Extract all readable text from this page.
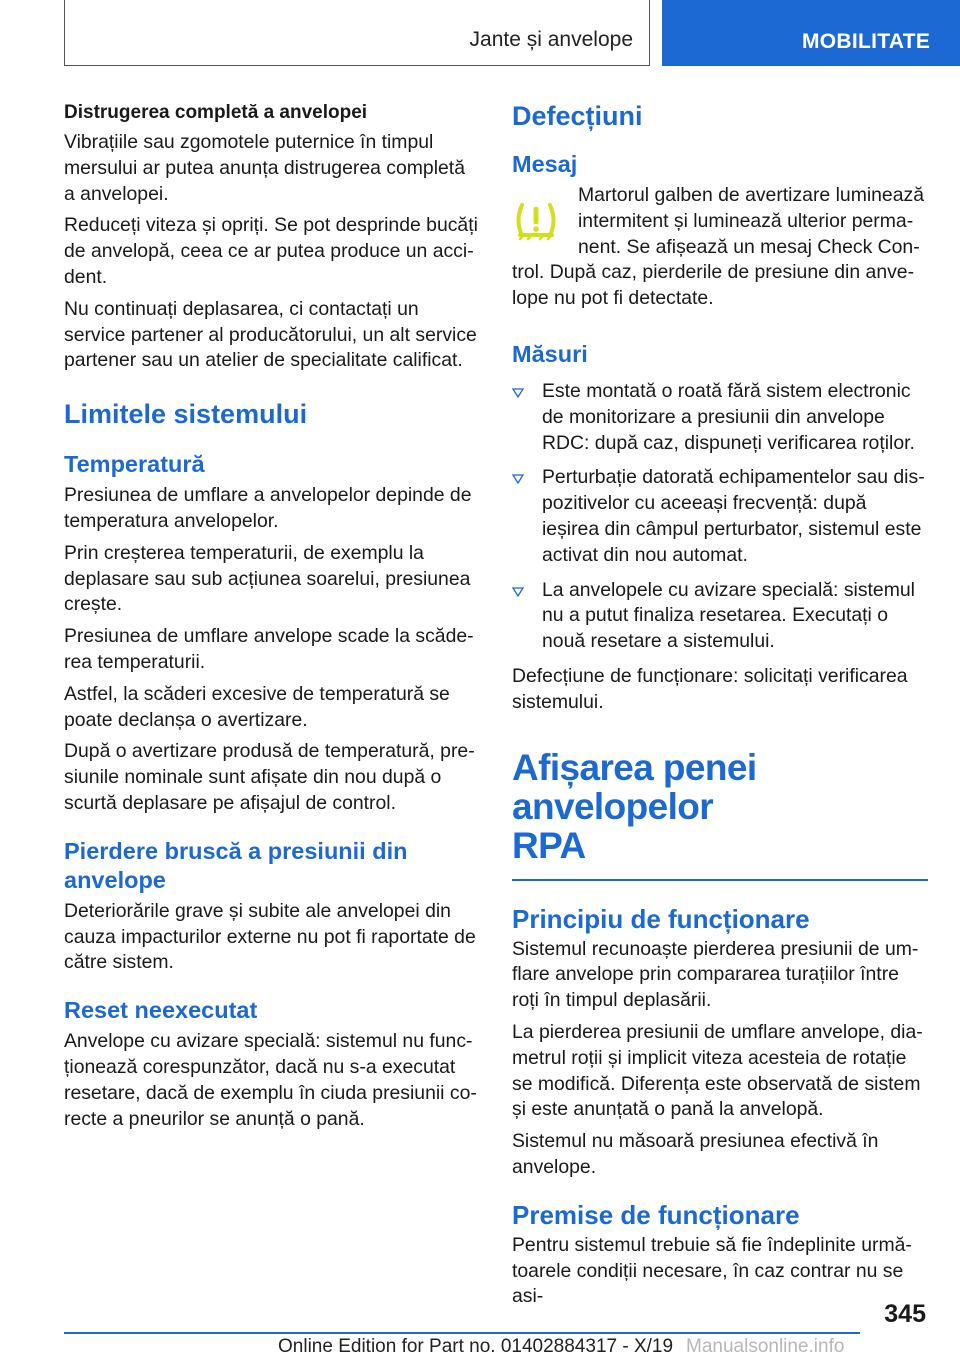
Jante și anvelope	MOBILITATE
Distrugerea completă a anvelopei

Vibrațiile sau zgomotele puternice în timpul mersului ar putea anunța distrugerea completă a anvelopei.

Reduceți viteza și opriți. Se pot desprinde bucăți de anvelopă, ceea ce ar putea produce un accident.

Nu continuați deplasarea, ci contactați un service partener al producătorului, un alt service partener sau un atelier de specialitate calificat.

Limitele sistemului
Temperatură

Presiunea de umflare a anvelopelor depinde de temperatura anvelopelor.

Prin creșterea temperaturii, de exemplu la deplasare sau sub acțiunea soarelui, presiunea crește.

Presiunea de umflare anvelope scade la scăderea temperaturii.

Astfel, la scăderi excesive de temperatură se poate declanșa o avertizare.

După o avertizare produsă de temperatură, presiunile nominale sunt afișate din nou după o scurtă deplasare pe afișajul de control.

Pierdere bruscă a presiunii din anvelope

Deteriorările grave și subite ale anvelopei din cauza impacturilor externe nu pot fi raportate de către sistem.

Reset neexecutat

Anvelope cu avizare specială: sistemul nu funcționează corespunzător, dacă nu s-a executat resetare, dacă de exemplu în ciuda presiunii corecte a pneurilor se anunță o pană.

Defecțiuni
Mesaj

Martorul galben de avertizare luminează intermitent și luminează ulterior permanent. Se afișează un mesaj Check Control. După caz, pierderile de presiune din anvelope nu pot fi detectate.

Măsuri
Este montată o roată fără sistem electronic de monitorizare a presiunii din anvelope RDC: după caz, dispuneți verificarea roților.
Perturbație datorată echipamentelor sau dispozitivelor cu aceeași frecvență: după ieșirea din câmpul perturbator, sistemul este activat din nou automat.
La anvelopele cu avizare specială: sistemul nu a putut finaliza resetarea. Executați o nouă resetare a sistemului.

Defecțiune de funcționare: solicitați verificarea sistemului.

Afișarea penei anvelopelor
RPA
Principiu de funcționare

Sistemul recunoaște pierderea presiunii de umflare anvelope prin compararea turațiilor între roți în timpul deplasării.

La pierderea presiunii de umflare anvelope, diametrul roții și implicit viteza acesteia de rotație se modifică. Diferența este observată de sistem și este anunțată o pană la anvelopă.

Sistemul nu măsoară presiunea efectivă în anvelope.

Premise de funcționare

Pentru sistemul trebuie să fie îndeplinite următoarele condiții necesare, în caz contrar nu se asi-

345
Online Edition for Part no. 01402884317 - X/19 Manualsonline.info
